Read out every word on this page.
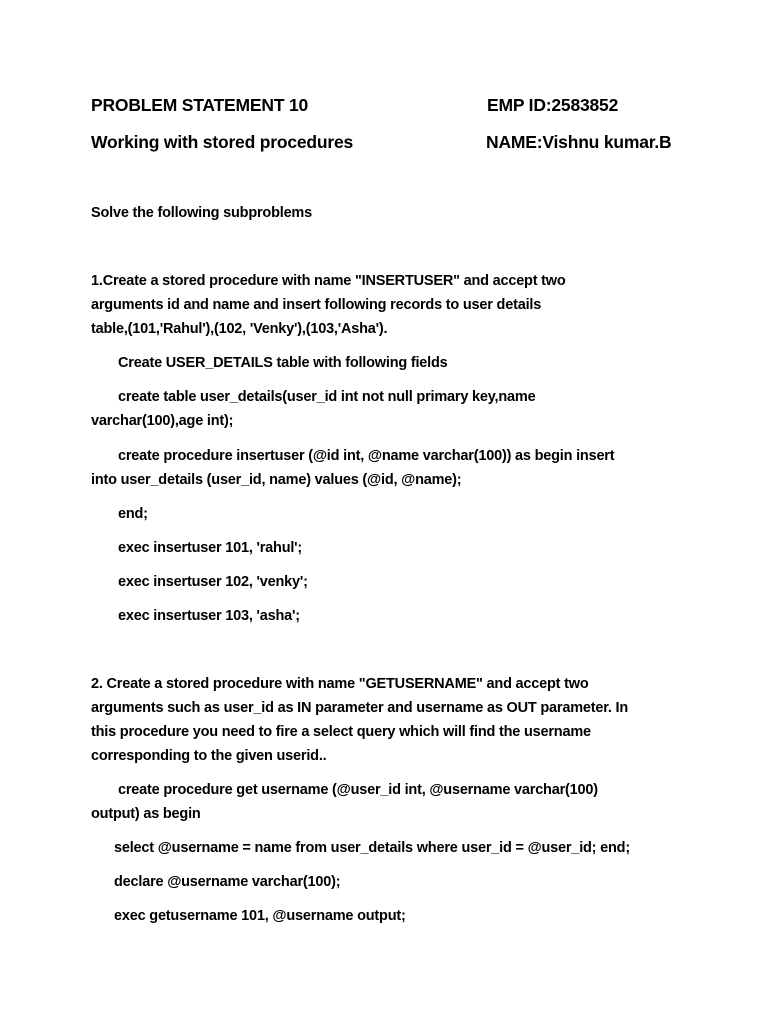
PROBLEM STATEMENT 10	EMP ID:2583852
Working with stored procedures	NAME:Vishnu kumar.B
Solve the following subproblems
1.Create a stored procedure with name "INSERTUSER" and accept two
arguments id and name and insert following records to user details
table,(101,'Rahul'),(102, 'Venky'),(103,'Asha').
Create USER_DETAILS table with following fields
create table user_details(user_id int not null primary key,name
varchar(100),age int);
create procedure insertuser (@id int, @name varchar(100)) as begin insert
into user_details (user_id, name) values (@id, @name);
end;
exec insertuser 101, 'rahul';
exec insertuser 102, 'venky';
exec insertuser 103, 'asha';
2. Create a stored procedure with name "GETUSERNAME" and accept two
arguments such as user_id as IN parameter and username as OUT parameter. In
this procedure you need to fire a select query which will find the username
corresponding to the given userid..
create procedure get username (@user_id int, @username varchar(100)
output) as begin
select @username = name from user_details where user_id = @user_id; end;
declare @username varchar(100);
exec getusername 101, @username output;
